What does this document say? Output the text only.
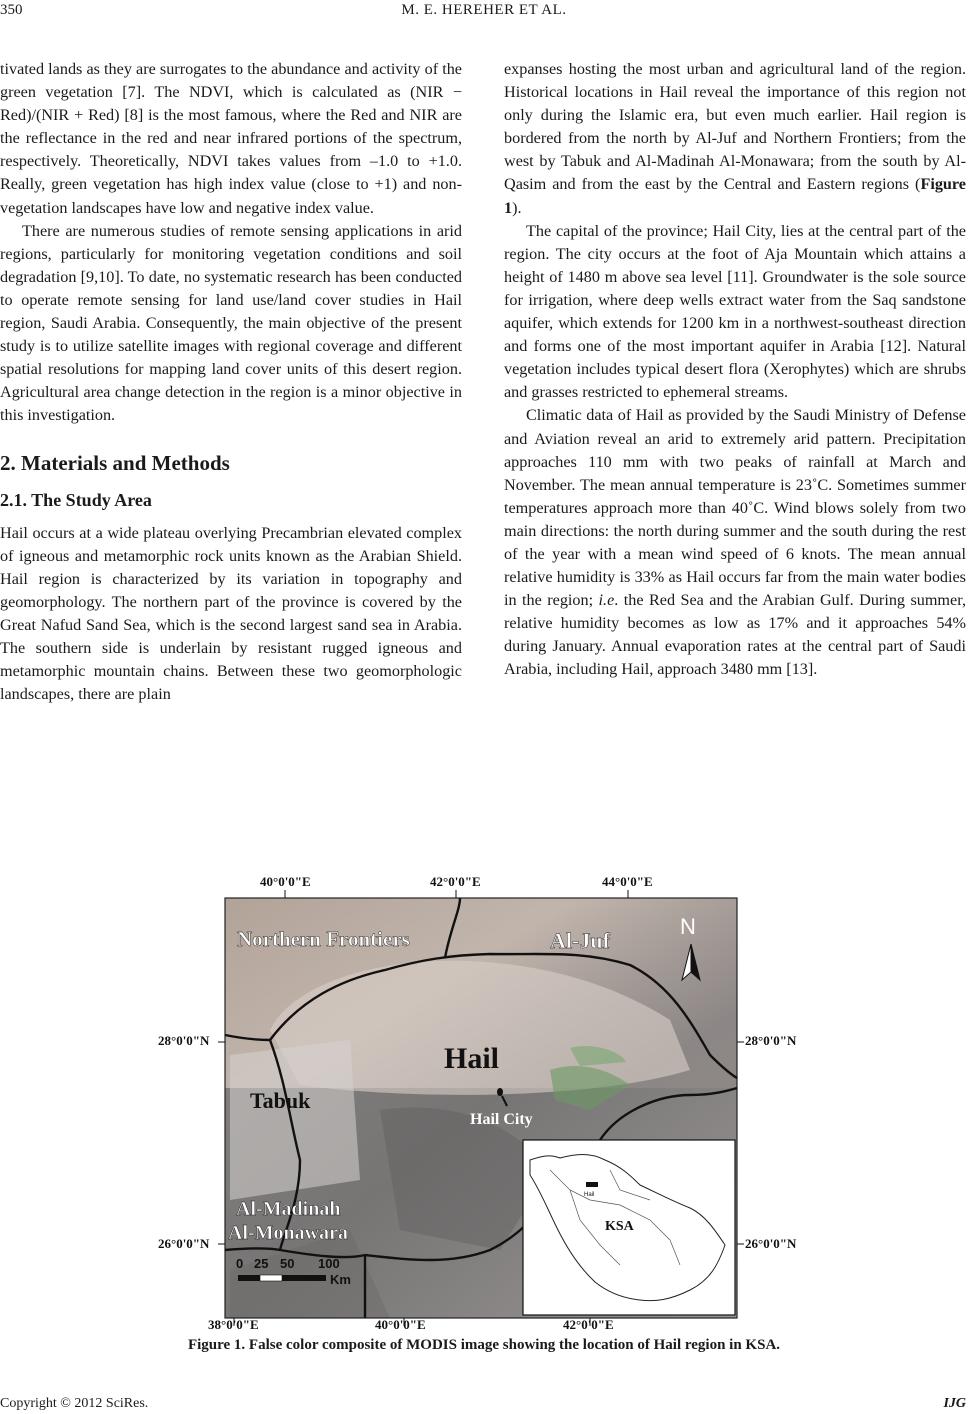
350	M. E. HEREHER ET AL.

tivated lands as they are surrogates to the abundance and activity of the green vegetation [7]. The NDVI, which is calculated as (NIR − Red)/(NIR + Red) [8] is the most famous, where the Red and NIR are the reflectance in the red and near infrared portions of the spectrum, respectively. Theoretically, NDVI takes values from –1.0 to +1.0. Really, green vegetation has high index value (close to +1) and non-vegetation landscapes have low and negative index value.

There are numerous studies of remote sensing applications in arid regions, particularly for monitoring vegetation conditions and soil degradation [9,10]. To date, no systematic research has been conducted to operate remote sensing for land use/land cover studies in Hail region, Saudi Arabia. Consequently, the main objective of the present study is to utilize satellite images with regional coverage and different spatial resolutions for mapping land cover units of this desert region. Agricultural area change detection in the region is a minor objective in this investigation.

2. Materials and Methods

2.1. The Study Area

Hail occurs at a wide plateau overlying Precambrian elevated complex of igneous and metamorphic rock units known as the Arabian Shield. Hail region is characterized by its variation in topography and geomorphology. The northern part of the province is covered by the Great Nafud Sand Sea, which is the second largest sand sea in Arabia. The southern side is underlain by resistant rugged igneous and metamorphic mountain chains. Between these two geomorphologic landscapes, there are plain

expanses hosting the most urban and agricultural land of the region. Historical locations in Hail reveal the importance of this region not only during the Islamic era, but even much earlier. Hail region is bordered from the north by Al-Juf and Northern Frontiers; from the west by Tabuk and Al-Madinah Al-Monawara; from the south by Al-Qasim and from the east by the Central and Eastern regions (Figure 1).

The capital of the province; Hail City, lies at the central part of the region. The city occurs at the foot of Aja Mountain which attains a height of 1480 m above sea level [11]. Groundwater is the sole source for irrigation, where deep wells extract water from the Saq sandstone aquifer, which extends for 1200 km in a northwest-southeast direction and forms one of the most important aquifer in Arabia [12]. Natural vegetation includes typical desert flora (Xerophytes) which are shrubs and grasses restricted to ephemeral streams.

Climatic data of Hail as provided by the Saudi Ministry of Defense and Aviation reveal an arid to extremely arid pattern. Precipitation approaches 110 mm with two peaks of rainfall at March and November. The mean annual temperature is 23˚C. Sometimes summer temperatures approach more than 40˚C. Wind blows solely from two main directions: the north during summer and the south during the rest of the year with a mean wind speed of 6 knots. The mean annual relative humidity is 33% as Hail occurs far from the main water bodies in the region; i.e. the Red Sea and the Arabian Gulf. During summer, relative humidity becomes as low as 17% and it approaches 54% during January. Annual evaporation rates at the central part of Saudi Arabia, including Hail, approach 3480 mm [13].

Northern Frontiers	Al-Juf
Hail
Hail City
Tabuk
Al-Madinah
Al-Monawara
N
0 25 50 100
Km
Hail
KSA
40°0'0"E	42°0'0"E	44°0'0"E
38°0'0"E	40°0'0"E	42°0'0"E
28°0'0"N
26°0'0"N
28°0'0"N
26°0'0"N
Figure 1. False color composite of MODIS image showing the location of Hail region in KSA.
Copyright © 2012 SciRes.	IJG
